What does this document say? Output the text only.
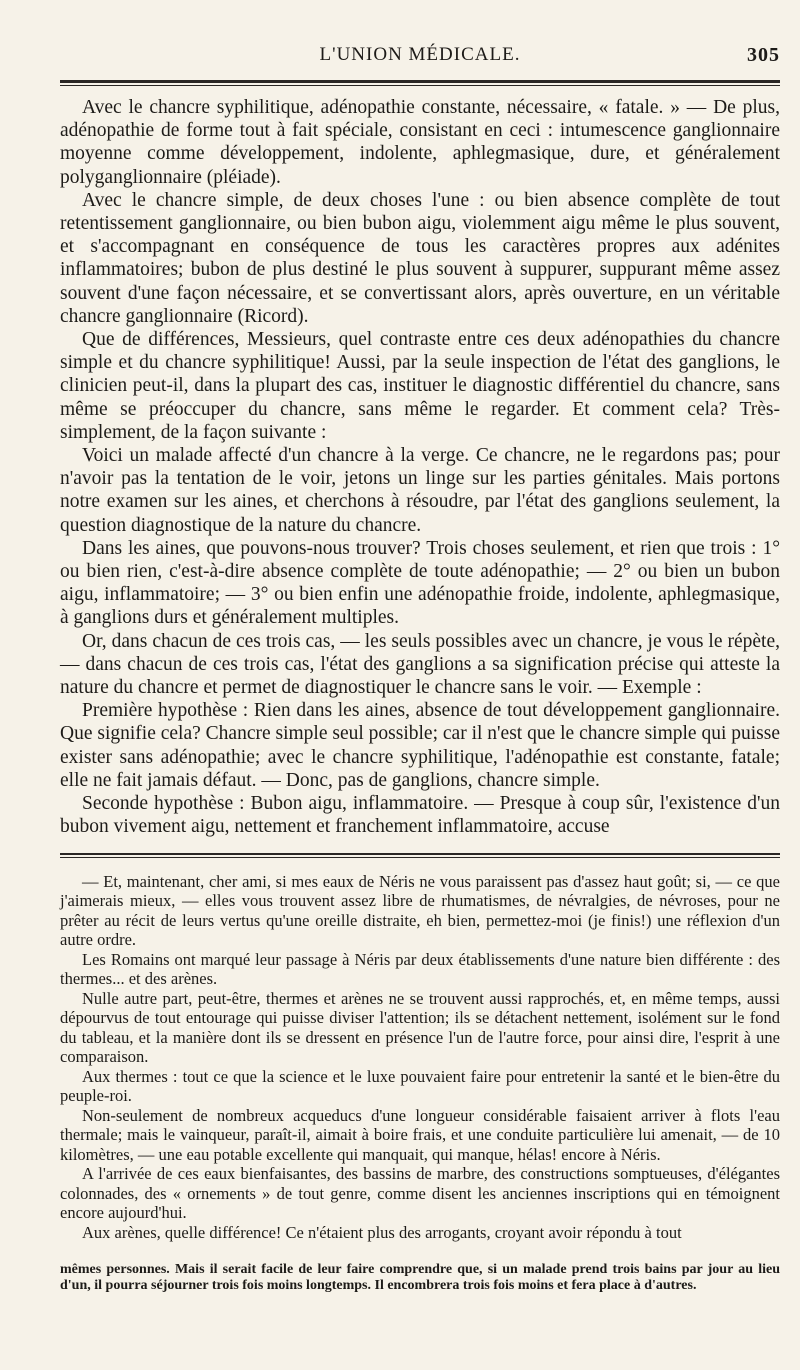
L'UNION MÉDICALE.	305

Avec le chancre syphilitique, adénopathie constante, nécessaire, « fatale. » — De plus, adénopathie de forme tout à fait spéciale, consistant en ceci : intumescence ganglionnaire moyenne comme développement, indolente, aphlegmasique, dure, et généralement polyganglionnaire (pléiade).

Avec le chancre simple, de deux choses l'une : ou bien absence complète de tout retentissement ganglionnaire, ou bien bubon aigu, violemment aigu même le plus souvent, et s'accompagnant en conséquence de tous les caractères propres aux adénites inflammatoires; bubon de plus destiné le plus souvent à suppurer, suppurant même assez souvent d'une façon nécessaire, et se convertissant alors, après ouverture, en un véritable chancre ganglionnaire (Ricord).

Que de différences, Messieurs, quel contraste entre ces deux adénopathies du chancre simple et du chancre syphilitique! Aussi, par la seule inspection de l'état des ganglions, le clinicien peut-il, dans la plupart des cas, instituer le diagnostic différentiel du chancre, sans même se préoccuper du chancre, sans même le regarder. Et comment cela? Très-simplement, de la façon suivante :

Voici un malade affecté d'un chancre à la verge. Ce chancre, ne le regardons pas; pour n'avoir pas la tentation de le voir, jetons un linge sur les parties génitales. Mais portons notre examen sur les aines, et cherchons à résoudre, par l'état des ganglions seulement, la question diagnostique de la nature du chancre.

Dans les aines, que pouvons-nous trouver? Trois choses seulement, et rien que trois : 1° ou bien rien, c'est-à-dire absence complète de toute adénopathie; — 2° ou bien un bubon aigu, inflammatoire; — 3° ou bien enfin une adénopathie froide, indolente, aphlegmasique, à ganglions durs et généralement multiples.

Or, dans chacun de ces trois cas, — les seuls possibles avec un chancre, je vous le répète, — dans chacun de ces trois cas, l'état des ganglions a sa signification précise qui atteste la nature du chancre et permet de diagnostiquer le chancre sans le voir. — Exemple :

Première hypothèse : Rien dans les aines, absence de tout développement ganglionnaire. Que signifie cela? Chancre simple seul possible; car il n'est que le chancre simple qui puisse exister sans adénopathie; avec le chancre syphilitique, l'adénopathie est constante, fatale; elle ne fait jamais défaut. — Donc, pas de ganglions, chancre simple.

Seconde hypothèse : Bubon aigu, inflammatoire. — Presque à coup sûr, l'existence d'un bubon vivement aigu, nettement et franchement inflammatoire, accuse

— Et, maintenant, cher ami, si mes eaux de Néris ne vous paraissent pas d'assez haut goût; si, — ce que j'aimerais mieux, — elles vous trouvent assez libre de rhumatismes, de névralgies, de névroses, pour ne prêter au récit de leurs vertus qu'une oreille distraite, eh bien, permettez-moi (je finis!) une réflexion d'un autre ordre.

Les Romains ont marqué leur passage à Néris par deux établissements d'une nature bien différente : des thermes... et des arènes.

Nulle autre part, peut-être, thermes et arènes ne se trouvent aussi rapprochés, et, en même temps, aussi dépourvus de tout entourage qui puisse diviser l'attention; ils se détachent nettement, isolément sur le fond du tableau, et la manière dont ils se dressent en présence l'un de l'autre force, pour ainsi dire, l'esprit à une comparaison.

Aux thermes : tout ce que la science et le luxe pouvaient faire pour entretenir la santé et le bien-être du peuple-roi.

Non-seulement de nombreux acqueducs d'une longueur considérable faisaient arriver à flots l'eau thermale; mais le vainqueur, paraît-il, aimait à boire frais, et une conduite particulière lui amenait, — de 10 kilomètres, — une eau potable excellente qui manquait, qui manque, hélas! encore à Néris.

A l'arrivée de ces eaux bienfaisantes, des bassins de marbre, des constructions somptueuses, d'élégantes colonnades, des « ornements » de tout genre, comme disent les anciennes inscriptions qui en témoignent encore aujourd'hui.

Aux arènes, quelle différence! Ce n'étaient plus des arrogants, croyant avoir répondu à tout

mêmes personnes. Mais il serait facile de leur faire comprendre que, si un malade prend trois bains par jour au lieu d'un, il pourra séjourner trois fois moins longtemps. Il encombrera trois fois moins et fera place à d'autres.
